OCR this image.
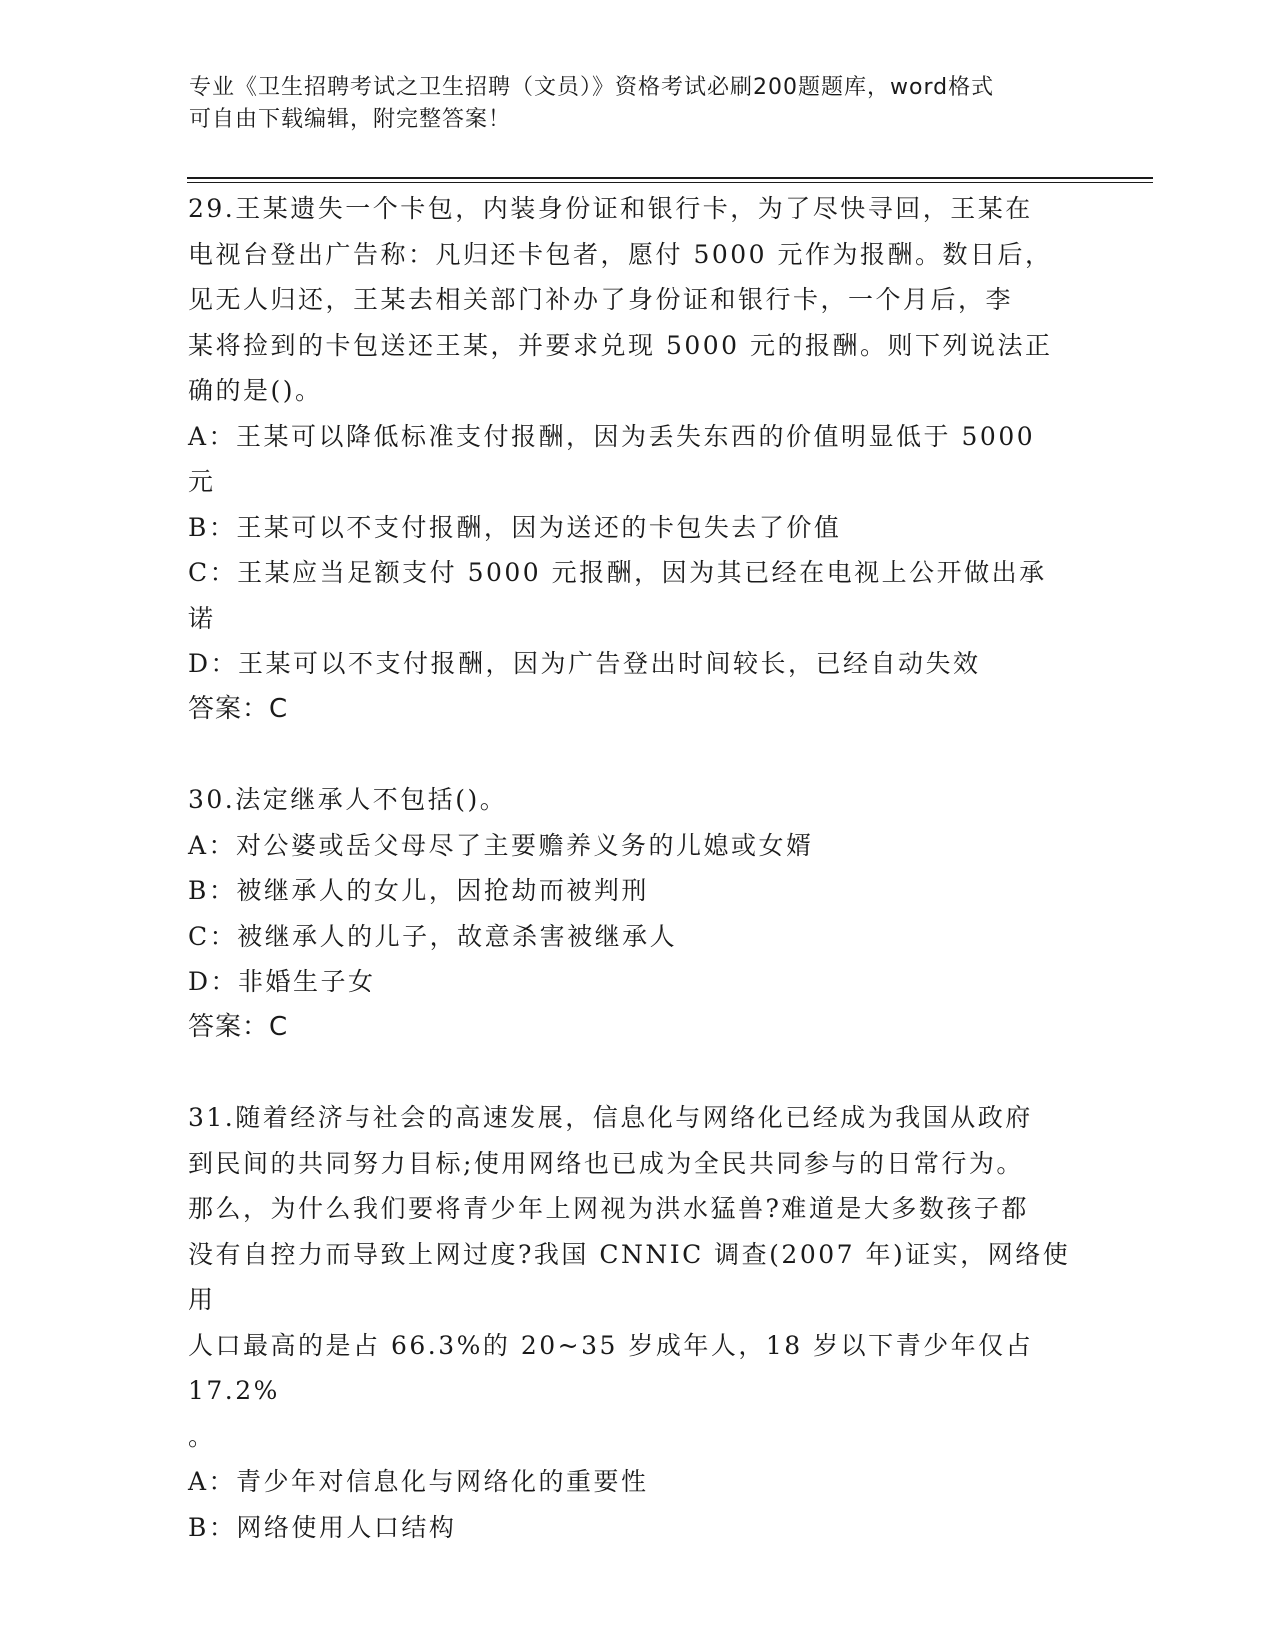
专业《卫生招聘考试之卫生招聘（文员）》资格考试必刷200题题库，word格式
可自由下载编辑，附完整答案！

29.王某遗失一个卡包，内装身份证和银行卡，为了尽快寻回，王某在

电视台登出广告称：凡归还卡包者，愿付 5000 元作为报酬。数日后，

见无人归还，王某去相关部门补办了身份证和银行卡，一个月后，李

某将捡到的卡包送还王某，并要求兑现 5000 元的报酬。则下列说法正

确的是()。

A：王某可以降低标准支付报酬，因为丢失东西的价值明显低于 5000

元

B：王某可以不支付报酬，因为送还的卡包失去了价值

C：王某应当足额支付 5000 元报酬，因为其已经在电视上公开做出承

诺

D：王某可以不支付报酬，因为广告登出时间较长，已经自动失效

答案：C

30.法定继承人不包括()。

A：对公婆或岳父母尽了主要赡养义务的儿媳或女婿

B：被继承人的女儿，因抢劫而被判刑

C：被继承人的儿子，故意杀害被继承人

D：非婚生子女

答案：C

31.随着经济与社会的高速发展，信息化与网络化已经成为我国从政府

到民间的共同努力目标;使用网络也已成为全民共同参与的日常行为。

那么，为什么我们要将青少年上网视为洪水猛兽?难道是大多数孩子都

没有自控力而导致上网过度?我国 CNNIC 调查(2007 年)证实，网络使用

人口最高的是占 66.3%的 20~35 岁成年人，18 岁以下青少年仅占 17.2%

。

A：青少年对信息化与网络化的重要性

B：网络使用人口结构
